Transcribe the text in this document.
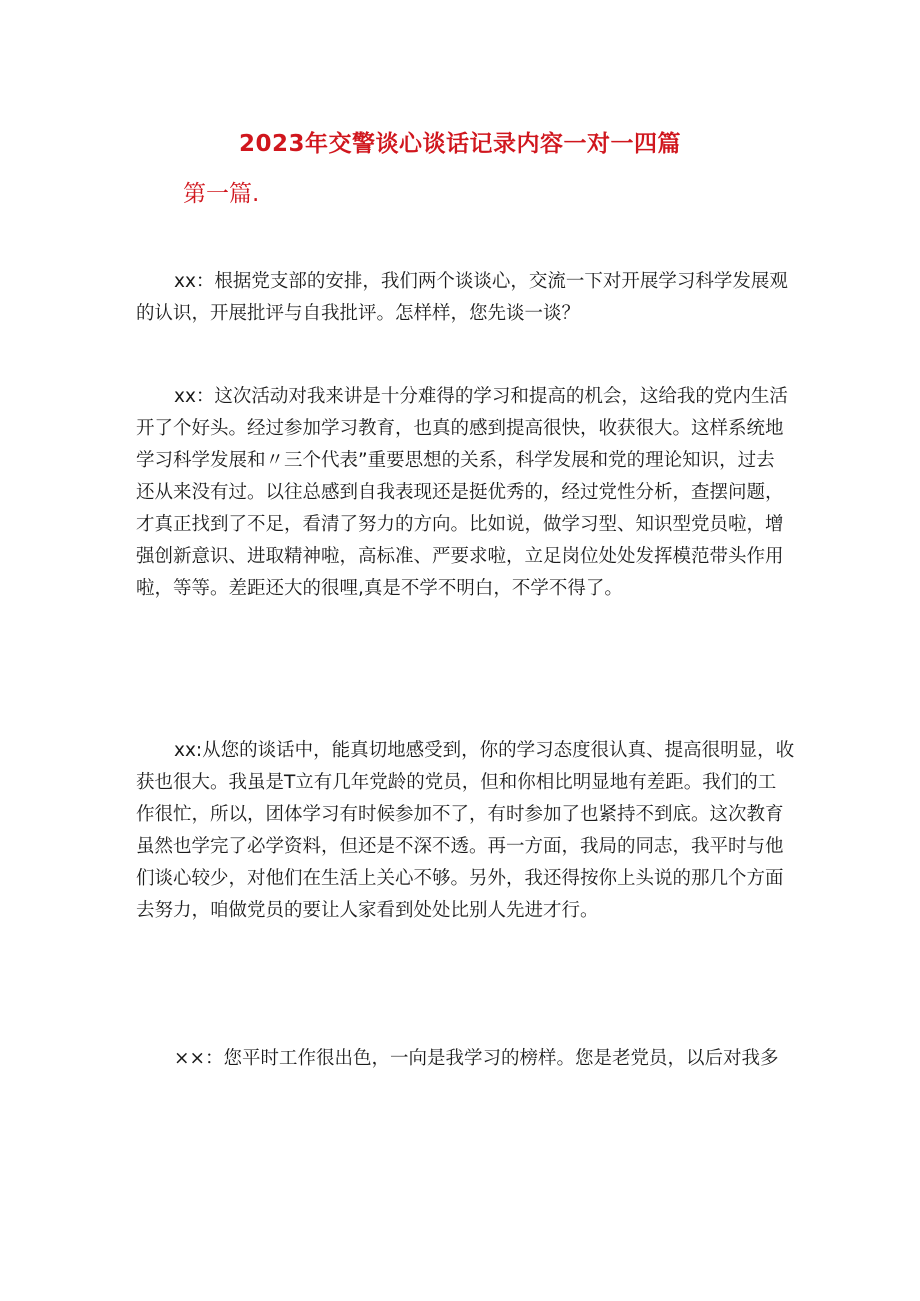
2023年交警谈心谈话记录内容一对一四篇
第一篇.
xx：根据党支部的安排，我们两个谈谈心，交流一下对开展学习科学发展观
的认识，开展批评与自我批评。怎样样，您先谈一谈？
xx：这次活动对我来讲是十分难得的学习和提高的机会，这给我的党内生活
开了个好头。经过参加学习教育，也真的感到提高很快，收获很大。这样系统地
学习科学发展和〃三个代表”重要思想的关系，科学发展和党的理论知识，过去
还从来没有过。以往总感到自我表现还是挺优秀的，经过党性分析，查摆问题，
才真正找到了不足，看清了努力的方向。比如说，做学习型、知识型党员啦，增
强创新意识、进取精神啦，高标准、严要求啦，立足岗位处处发挥模范带头作用
啦，等等。差距还大的很哩,真是不学不明白，不学不得了。
xx:从您的谈话中，能真切地感受到，你的学习态度很认真、提高很明显，收
获也很大。我虽是T立有几年党龄的党员，但和你相比明显地有差距。我们的工
作很忙，所以，团体学习有时候参加不了，有时参加了也紧持不到底。这次教育
虽然也学完了必学资料，但还是不深不透。再一方面，我局的同志，我平时与他
们谈心较少，对他们在生活上关心不够。另外，我还得按你上头说的那几个方面
去努力，咱做党员的要让人家看到处处比别人先进才行。
××：您平时工作很出色，一向是我学习的榜样。您是老党员，以后对我多
